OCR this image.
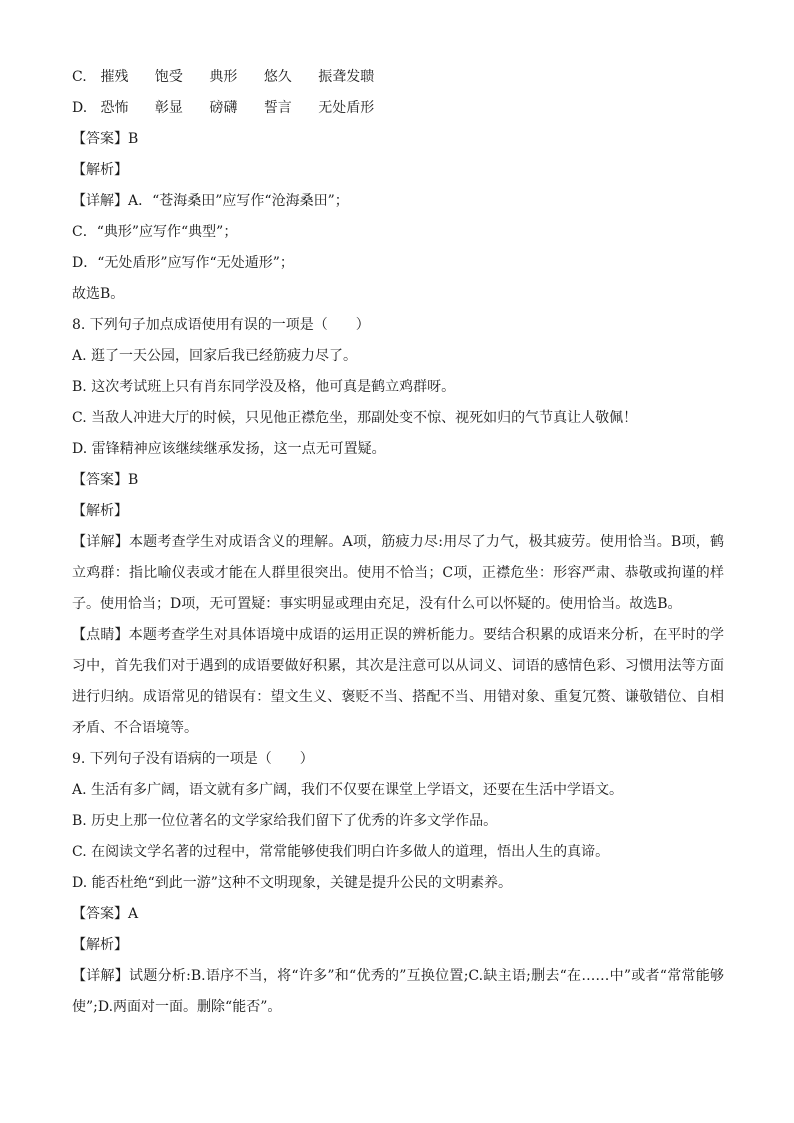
C. 摧残 饱受 典形 悠久 振聋发聩
D. 恐怖 彰显 磅礴 誓言 无处盾形
【答案】B
【解析】
【详解】A．“苍海桑田”应写作“沧海桑田”；
C．“典形”应写作“典型”；
D．“无处盾形”应写作“无处遁形”；
故选B。
8. 下列句子加点成语使用有误的一项是（　　）
A. 逛了一天公园，回家后我已经筋疲力尽了。
B. 这次考试班上只有肖东同学没及格，他可真是鹤立鸡群呀。
C. 当敌人冲进大厅的时候，只见他正襟危坐，那副处变不惊、视死如归的气节真让人敬佩！
D. 雷锋精神应该继续继承发扬，这一点无可置疑。
【答案】B
【解析】
【详解】本题考查学生对成语含义的理解。A项，筋疲力尽:用尽了力气，极其疲劳。使用恰当。B项，鹤立鸡群：指比喻仪表或才能在人群里很突出。使用不恰当；C项，正襟危坐：形容严肃、恭敬或拘谨的样子。使用恰当；D项，无可置疑：事实明显或理由充足，没有什么可以怀疑的。使用恰当。故选B。
【点睛】本题考查学生对具体语境中成语的运用正误的辨析能力。要结合积累的成语来分析，在平时的学习中，首先我们对于遇到的成语要做好积累，其次是注意可以从词义、词语的感情色彩、习惯用法等方面进行归纳。成语常见的错误有：望文生义、褒贬不当、搭配不当、用错对象、重复冗赘、谦敬错位、自相矛盾、不合语境等。
9. 下列句子没有语病的一项是（　　）
A. 生活有多广阔，语文就有多广阔，我们不仅要在课堂上学语文，还要在生活中学语文。
B. 历史上那一位位著名的文学家给我们留下了优秀的许多文学作品。
C. 在阅读文学名著的过程中，常常能够使我们明白许多做人的道理，悟出人生的真谛。
D. 能否杜绝“到此一游”这种不文明现象，关键是提升公民的文明素养。
【答案】A
【解析】
【详解】试题分析:B.语序不当，将“许多”和“优秀的”互换位置;C.缺主语;删去“在……中”或者“常常能够使”;D.两面对一面。删除“能否”。
